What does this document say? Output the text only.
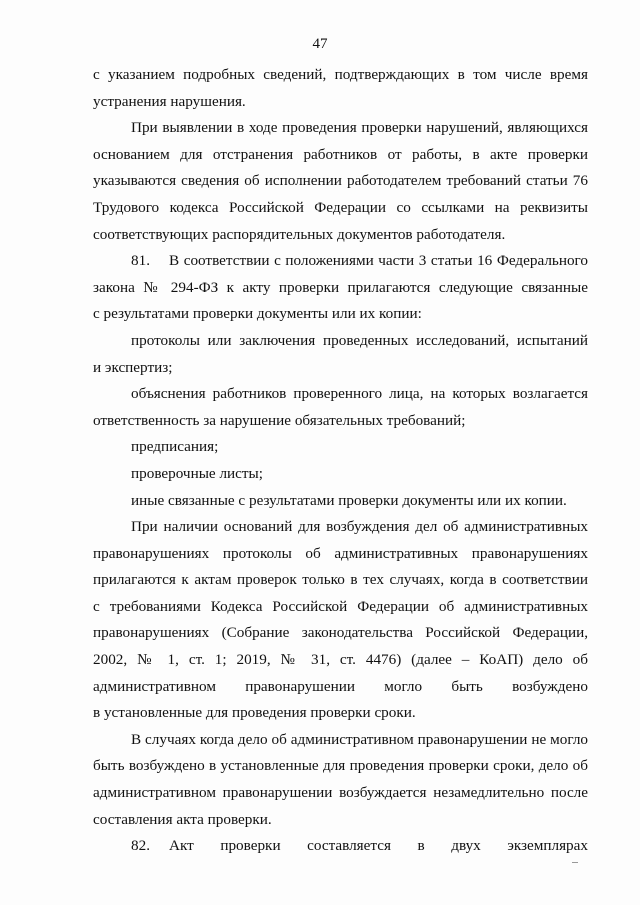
47
с указанием подробных сведений, подтверждающих в том числе время
устранения нарушения.
При выявлении в ходе проведения проверки нарушений, являющихся
основанием для отстранения работников от работы, в акте проверки
указываются сведения об исполнении работодателем требований статьи 76
Трудового кодекса Российской Федерации со ссылками на реквизиты
соответствующих распорядительных документов работодателя.
81.	В соответствии с положениями части 3 статьи 16 Федерального
закона № 294-ФЗ к акту проверки прилагаются следующие связанные
с результатами проверки документы или их копии:
протоколы или заключения проведенных исследований, испытаний
и экспертиз;
объяснения работников проверенного лица, на которых возлагается
ответственность за нарушение обязательных требований;
предписания;
проверочные листы;
иные связанные с результатами проверки документы или их копии.
При наличии оснований для возбуждения дел об административных
правонарушениях протоколы об административных правонарушениях
прилагаются к актам проверок только в тех случаях, когда в соответствии
с требованиями Кодекса Российской Федерации об административных
правонарушениях (Собрание законодательства Российской Федерации,
2002, № 1, ст. 1; 2019, № 31, ст. 4476) (далее – КоАП) дело об
административном правонарушении могло быть возбуждено
в установленные для проведения проверки сроки.
В случаях когда дело об административном правонарушении не могло
быть возбуждено в установленные для проведения проверки сроки, дело об
административном правонарушении возбуждается незамедлительно после
составления акта проверки.
82.	Акт проверки составляется в двух экземплярах
